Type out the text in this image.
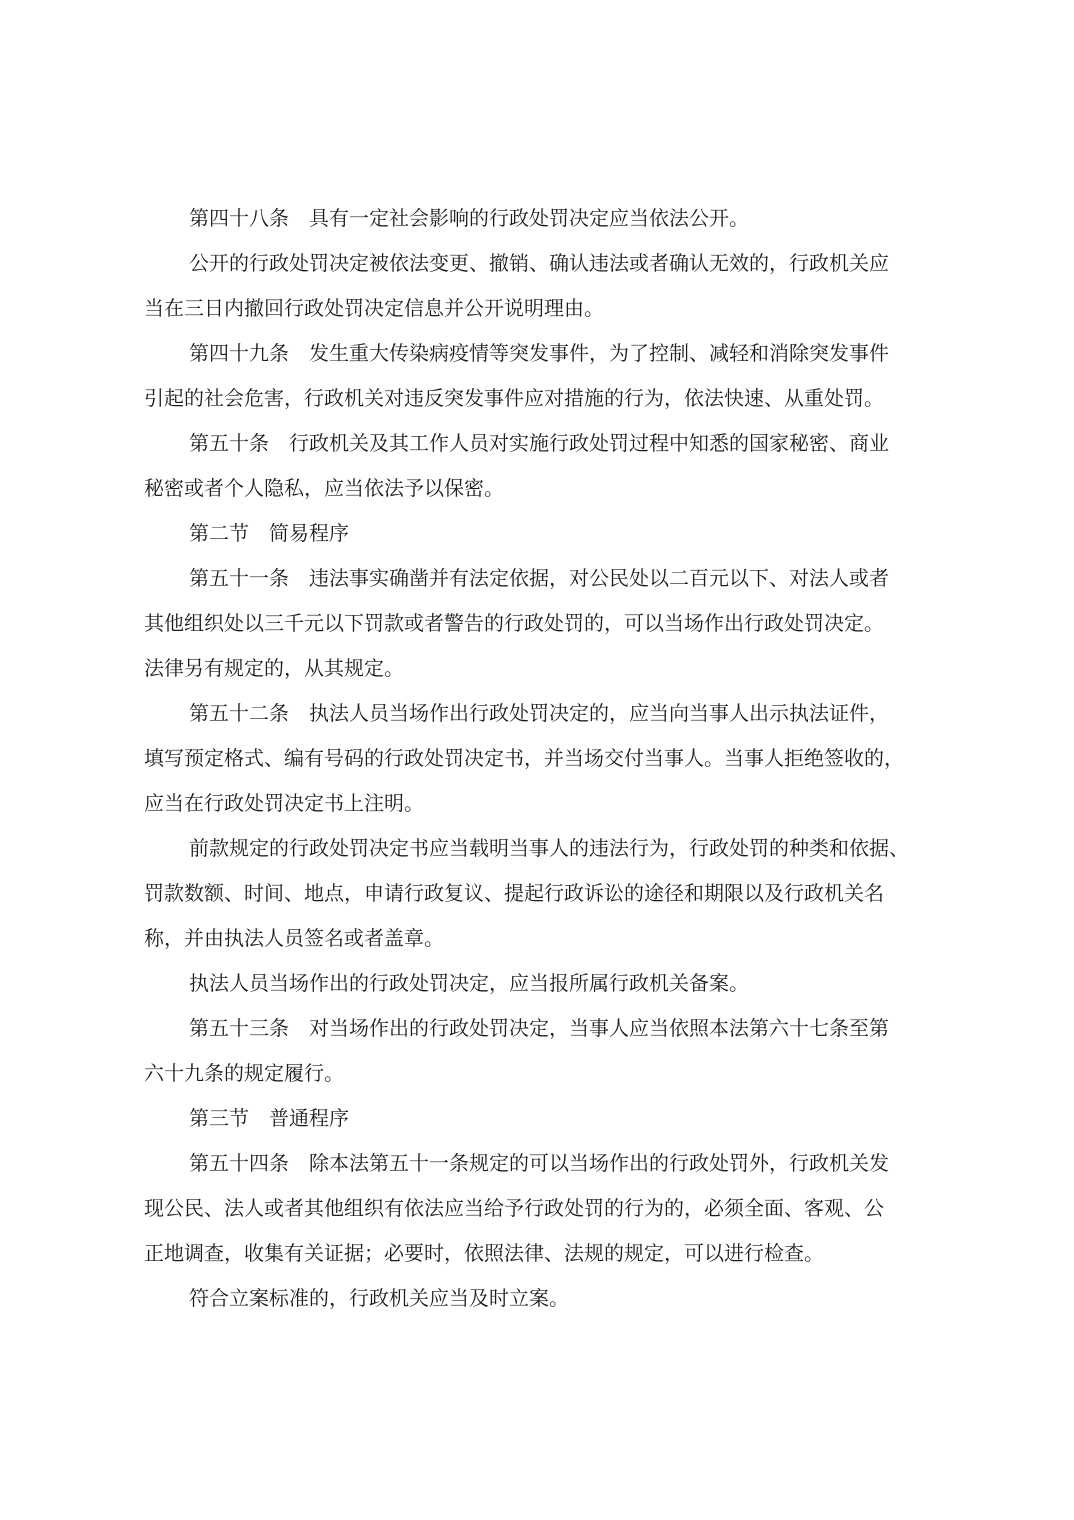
第四十八条　具有一定社会影响的行政处罚决定应当依法公开。
公开的行政处罚决定被依法变更、撤销、确认违法或者确认无效的，行政机关应
当在三日内撤回行政处罚决定信息并公开说明理由。
第四十九条　发生重大传染病疫情等突发事件，为了控制、减轻和消除突发事件
引起的社会危害，行政机关对违反突发事件应对措施的行为，依法快速、从重处罚。
第五十条　行政机关及其工作人员对实施行政处罚过程中知悉的国家秘密、商业
秘密或者个人隐私，应当依法予以保密。
第二节　简易程序
第五十一条　违法事实确凿并有法定依据，对公民处以二百元以下、对法人或者
其他组织处以三千元以下罚款或者警告的行政处罚的，可以当场作出行政处罚决定。
法律另有规定的，从其规定。
第五十二条　执法人员当场作出行政处罚决定的，应当向当事人出示执法证件，
填写预定格式、编有号码的行政处罚决定书，并当场交付当事人。当事人拒绝签收的，
应当在行政处罚决定书上注明。
前款规定的行政处罚决定书应当载明当事人的违法行为，行政处罚的种类和依据、
罚款数额、时间、地点，申请行政复议、提起行政诉讼的途径和期限以及行政机关名
称，并由执法人员签名或者盖章。
执法人员当场作出的行政处罚决定，应当报所属行政机关备案。
第五十三条　对当场作出的行政处罚决定，当事人应当依照本法第六十七条至第
六十九条的规定履行。
第三节　普通程序
第五十四条　除本法第五十一条规定的可以当场作出的行政处罚外，行政机关发
现公民、法人或者其他组织有依法应当给予行政处罚的行为的，必须全面、客观、公
正地调查，收集有关证据；必要时，依照法律、法规的规定，可以进行检查。
符合立案标准的，行政机关应当及时立案。
